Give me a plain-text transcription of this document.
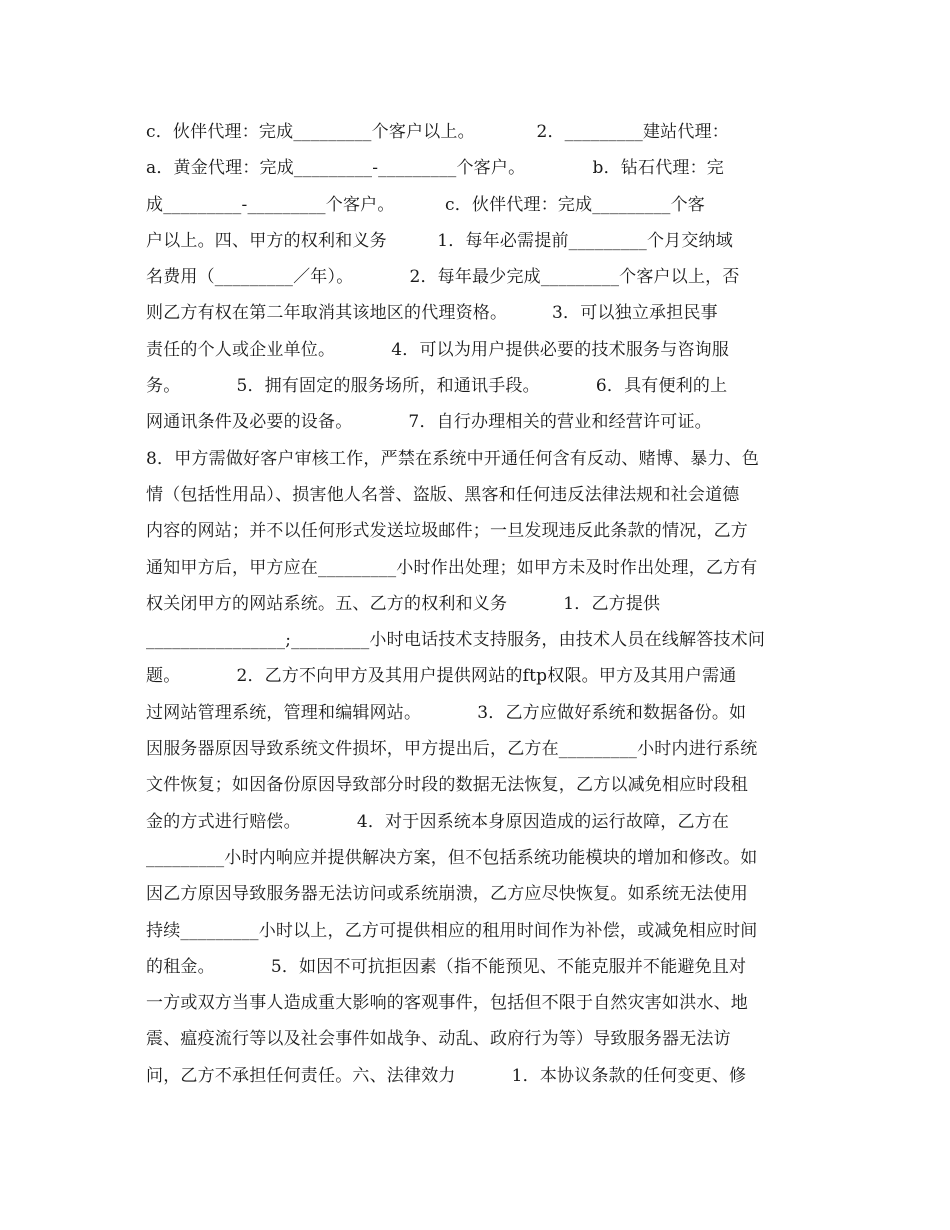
c．伙伴代理：完成_________个客户以上。           2．_________建站代理：
a．黄金代理：完成_________-_________个客户。            b．钻石代理：完
成_________-_________个客户。         c．伙伴代理：完成_________个客
户以上。四、甲方的权利和义务         1．每年必需提前_________个月交纳域
名费用（_________／年）。          2．每年最少完成_________个客户以上，否
则乙方有权在第二年取消其该地区的代理资格。        3．可以独立承担民事
责任的个人或企业单位。          4．可以为用户提供必要的技术服务与咨询服
务。          5．拥有固定的服务场所，和通讯手段。          6．具有便利的上
网通讯条件及必要的设备。          7．自行办理相关的营业和经营许可证。
8．甲方需做好客户审核工作，严禁在系统中开通任何含有反动、赌博、暴力、色
情（包括性用品）、损害他人名誉、盗版、黑客和任何违反法律法规和社会道德
内容的网站；并不以任何形式发送垃圾邮件；一旦发现违反此条款的情况，乙方
通知甲方后，甲方应在_________小时作出处理；如甲方未及时作出处理，乙方有
权关闭甲方的网站系统。五、乙方的权利和义务          1．乙方提供
________________;_________小时电话技术支持服务，由技术人员在线解答技术问
题。          2．乙方不向甲方及其用户提供网站的ftp权限。甲方及其用户需通
过网站管理系统，管理和编辑网站。          3．乙方应做好系统和数据备份。如
因服务器原因导致系统文件损坏，甲方提出后，乙方在_________小时内进行系统
文件恢复；如因备份原因导致部分时段的数据无法恢复，乙方以减免相应时段租
金的方式进行赔偿。          4．对于因系统本身原因造成的运行故障，乙方在
_________小时内响应并提供解决方案，但不包括系统功能模块的增加和修改。如
因乙方原因导致服务器无法访问或系统崩溃，乙方应尽快恢复。如系统无法使用
持续_________小时以上，乙方可提供相应的租用时间作为补偿，或减免相应时间
的租金。          5．如因不可抗拒因素（指不能预见、不能克服并不能避免且对
一方或双方当事人造成重大影响的客观事件，包括但不限于自然灾害如洪水、地
震、瘟疫流行等以及社会事件如战争、动乱、政府行为等）导致服务器无法访
问，乙方不承担任何责任。六、法律效力          1．本协议条款的任何变更、修
